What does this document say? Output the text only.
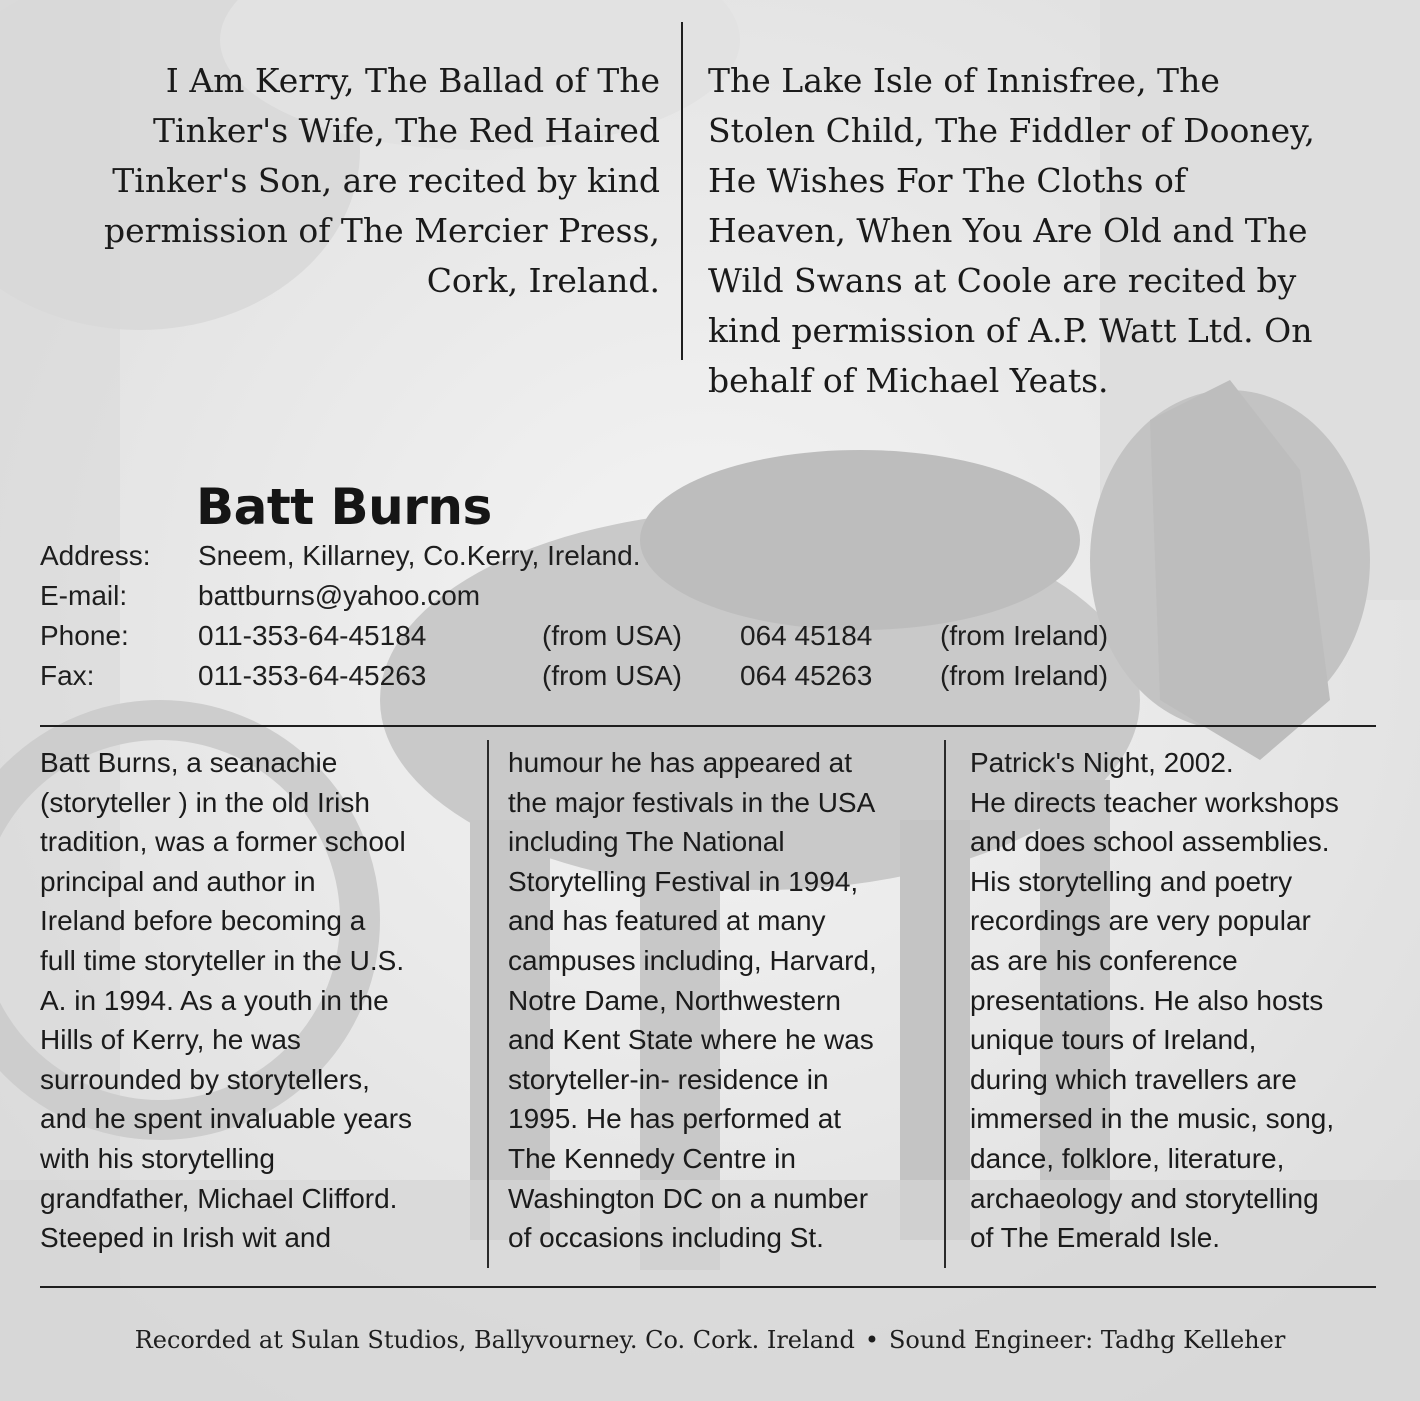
I Am Kerry, The Ballad of The
Tinker's Wife, The Red Haired
Tinker's Son, are recited by kind
permission of The Mercier Press,
Cork, Ireland.
The Lake Isle of Innisfree, The
Stolen Child, The Fiddler of Dooney,
He Wishes For The Cloths of
Heaven, When You Are Old and The
Wild Swans at Coole are recited by
kind permission of A.P. Watt Ltd. On
behalf of Michael Yeats.
Batt Burns
Address: Sneem, Killarney, Co.Kerry, Ireland.
E-mail:	battburns@yahoo.com
Phone: 011-353-64-45184	(from USA) 064 45184 (from Ireland)
Fax:	011-353-64-45263	(from USA) 064 45263 (from Ireland)
Batt Burns, a seanachie
(storyteller ) in the old Irish
tradition, was a former school
principal and author in
Ireland before becoming a
full time storyteller in the U.S.
A. in 1994. As a youth in the
Hills of Kerry, he was
surrounded by storytellers,
and he spent invaluable years
with his storytelling
grandfather, Michael Clifford.
Steeped in Irish wit and
humour he has appeared at
the major festivals in the USA
including The National
Storytelling Festival in 1994,
and has featured at many
campuses including, Harvard,
Notre Dame, Northwestern
and Kent State where he was
storyteller-in- residence in
1995. He has performed at
The Kennedy Centre in
Washington DC on a number
of occasions including St.
Patrick's Night, 2002.
He directs teacher workshops
and does school assemblies.
His storytelling and poetry
recordings are very popular
as are his conference
presentations. He also hosts
unique tours of Ireland,
during which travellers are
immersed in the music, song,
dance, folklore, literature,
archaeology and storytelling
of The Emerald Isle.
Recorded at Sulan Studios, Ballyvourney. Co. Cork. Ireland • Sound Engineer: Tadhg Kelleher
